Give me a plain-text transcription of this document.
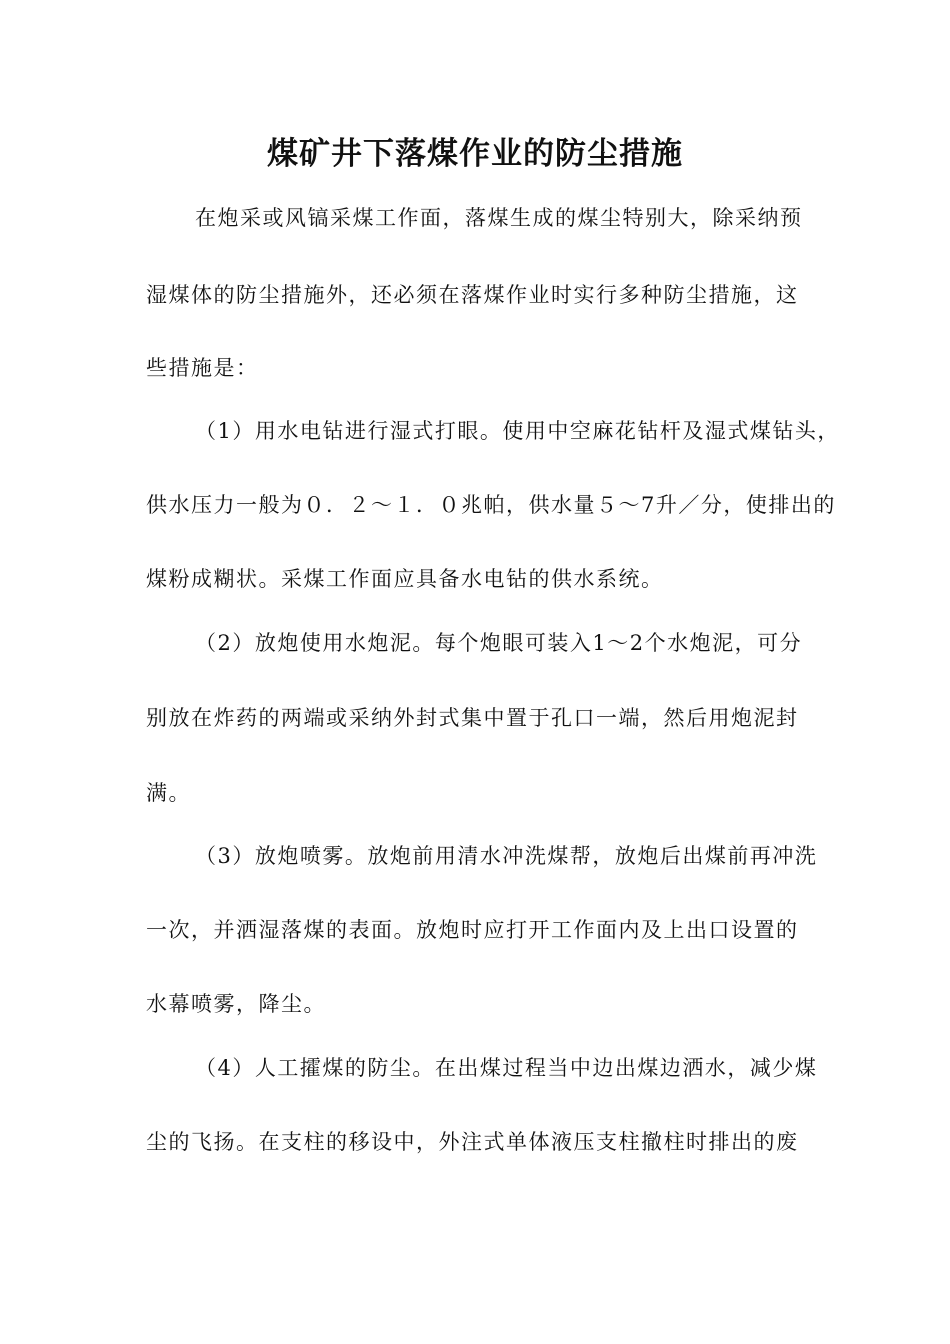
煤矿井下落煤作业的防尘措施
在炮采或风镐采煤工作面，落煤生成的煤尘特别大，除采纳预
湿煤体的防尘措施外，还必须在落煤作业时实行多种防尘措施，这
些措施是：
（1）用水电钻进行湿式打眼。使用中空麻花钻杆及湿式煤钻头，
供水压力一般为０．２～１．０兆帕，供水量５～7升／分，使排出的
煤粉成糊状。采煤工作面应具备水电钻的供水系统。
（2）放炮使用水炮泥。每个炮眼可装入1～2个水炮泥，可分
别放在炸药的两端或采纳外封式集中置于孔口一端，然后用炮泥封
满。
（3）放炮喷雾。放炮前用清水冲洗煤帮，放炮后出煤前再冲洗
一次，并洒湿落煤的表面。放炮时应打开工作面内及上出口设置的
水幕喷雾，降尘。
（4）人工攉煤的防尘。在出煤过程当中边出煤边洒水，减少煤
尘的飞扬。在支柱的移设中，外注式单体液压支柱撤柱时排出的废
